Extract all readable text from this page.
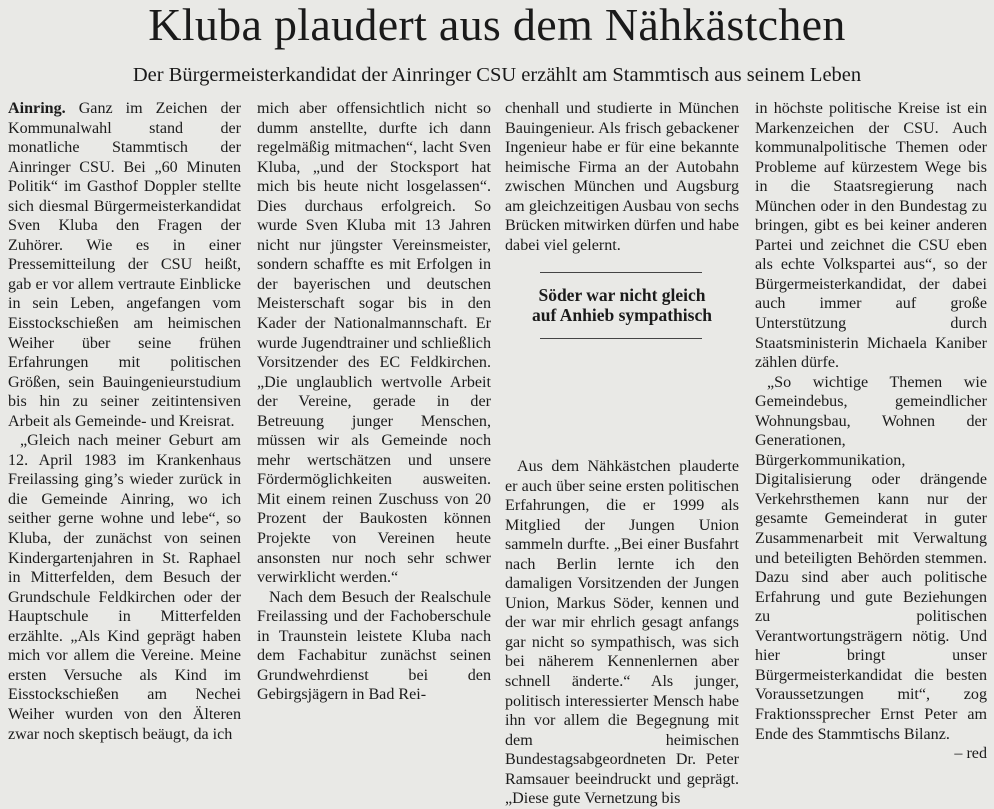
Kluba plaudert aus dem Nähkästchen
Der Bürgermeisterkandidat der Ainringer CSU erzählt am Stammtisch aus seinem Leben

Ainring. Ganz im Zeichen der Kommunalwahl stand der monatliche Stammtisch der Ainringer CSU. Bei „60 Minuten Politik“ im Gasthof Doppler stellte sich diesmal Bürgermeisterkandidat Sven Kluba den Fragen der Zuhörer. Wie es in einer Pressemitteilung der CSU heißt, gab er vor allem vertraute Einblicke in sein Leben, angefangen vom Eisstockschießen am heimischen Weiher über seine frühen Erfahrungen mit politischen Größen, sein Bauingenieurstudium bis hin zu seiner zeitintensiven Arbeit als Gemeinde- und Kreisrat.

„Gleich nach meiner Geburt am 12. April 1983 im Krankenhaus Freilassing ging’s wieder zurück in die Gemeinde Ainring, wo ich seither gerne wohne und lebe“, so Kluba, der zunächst von seinen Kindergartenjahren in St. Raphael in Mitterfelden, dem Besuch der Grundschule Feldkirchen oder der Hauptschule in Mitterfelden erzählte. „Als Kind geprägt haben mich vor allem die Vereine. Meine ersten Versuche als Kind im Eisstockschießen am Nechei Weiher wurden von den Älteren zwar noch skeptisch beäugt, da ich

mich aber offensichtlich nicht so dumm anstellte, durfte ich dann regelmäßig mitmachen“, lacht Sven Kluba, „und der Stocksport hat mich bis heute nicht losgelassen“. Dies durchaus erfolgreich. So wurde Sven Kluba mit 13 Jahren nicht nur jüngster Vereinsmeister, sondern schaffte es mit Erfolgen in der bayerischen und deutschen Meisterschaft sogar bis in den Kader der Nationalmannschaft. Er wurde Jugendtrainer und schließlich Vorsitzender des EC Feldkirchen. „Die unglaublich wertvolle Arbeit der Vereine, gerade in der Betreuung junger Menschen, müssen wir als Gemeinde noch mehr wertschätzen und unsere Fördermöglichkeiten ausweiten. Mit einem reinen Zuschuss von 20 Prozent der Baukosten können Projekte von Vereinen heute ansonsten nur noch sehr schwer verwirklicht werden.“

Nach dem Besuch der Realschule Freilassing und der Fachoberschule in Traunstein leistete Kluba nach dem Fachabitur zunächst seinen Grundwehrdienst bei den Gebirgsjägern in Bad Rei-

chenhall und studierte in München Bauingenieur. Als frisch gebackener Ingenieur habe er für eine bekannte heimische Firma an der Autobahn zwischen München und Augsburg am gleichzeitigen Ausbau von sechs Brücken mitwirken dürfen und habe dabei viel gelernt.

Aus dem Nähkästchen plauderte er auch über seine ersten politischen Erfahrungen, die er 1999 als Mitglied der Jungen Union sammeln durfte. „Bei einer Busfahrt nach Berlin lernte ich den damaligen Vorsitzenden der Jungen Union, Markus Söder, kennen und der war mir ehrlich gesagt anfangs gar nicht so sympathisch, was sich bei näherem Kennenlernen aber schnell änderte.“ Als junger, politisch interessierter Mensch habe ihn vor allem die Begegnung mit dem heimischen Bundestagsabgeordneten Dr. Peter Ramsauer beeindruckt und geprägt. „Diese gute Vernetzung bis

Söder war nicht gleich
auf Anhieb sympathisch

in höchste politische Kreise ist ein Markenzeichen der CSU. Auch kommunalpolitische Themen oder Probleme auf kürzestem Wege bis in die Staatsregierung nach München oder in den Bundestag zu bringen, gibt es bei keiner anderen Partei und zeichnet die CSU eben als echte Volkspartei aus“, so der Bürgermeisterkandidat, der dabei auch immer auf große Unterstützung durch Staatsministerin Michaela Kaniber zählen dürfe.

„So wichtige Themen wie Gemeindebus, gemeindlicher Wohnungsbau, Wohnen der Generationen, Bürgerkommunikation, Digitalisierung oder drängende Verkehrsthemen kann nur der gesamte Gemeinderat in guter Zusammenarbeit mit Verwaltung und beteiligten Behörden stemmen. Dazu sind aber auch politische Erfahrung und gute Beziehungen zu politischen Verantwortungsträgern nötig. Und hier bringt unser Bürgermeisterkandidat die besten Voraussetzungen mit“, zog Fraktionssprecher Ernst Peter am Ende des Stammtischs Bilanz.

– red
